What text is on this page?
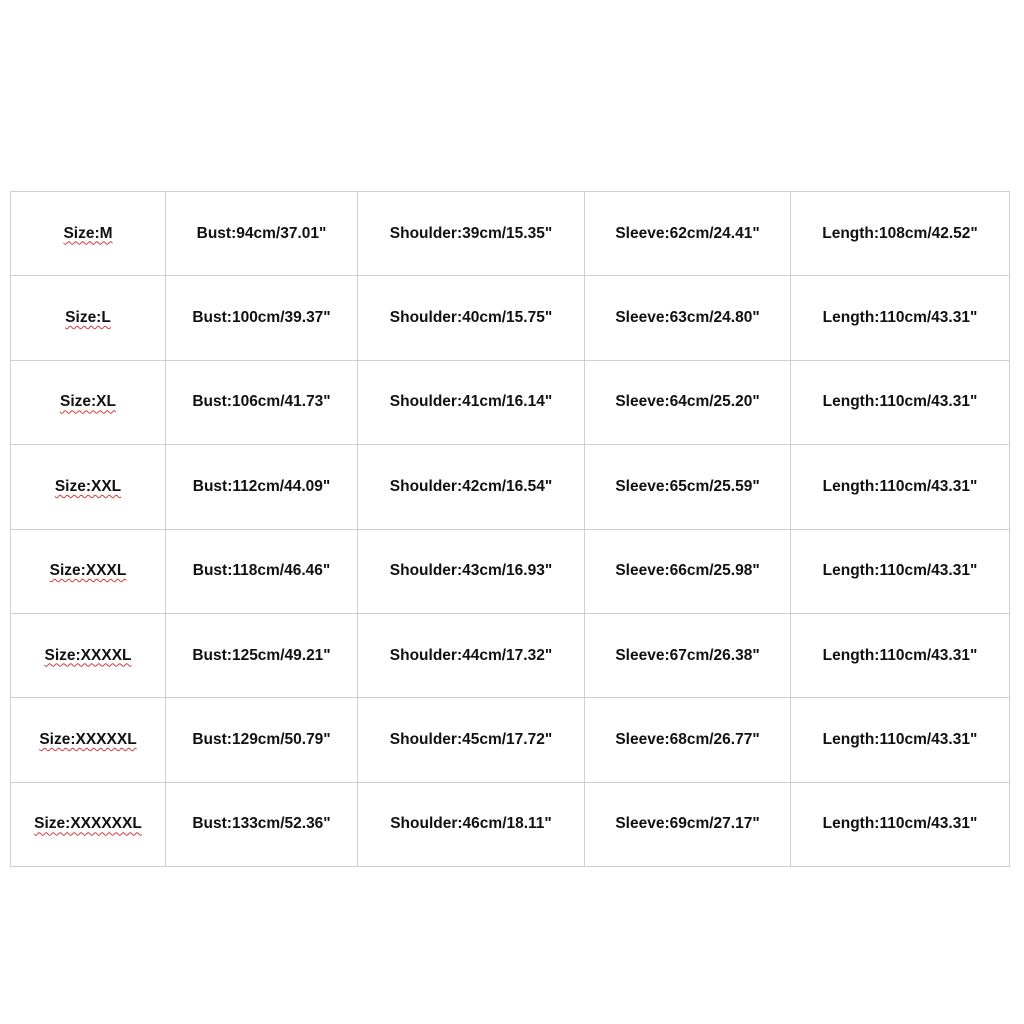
Size:M	Bust:94cm/37.01"	Shoulder:39cm/15.35"	Sleeve:62cm/24.41"	Length:108cm/42.52"
Size:L	Bust:100cm/39.37"	Shoulder:40cm/15.75"	Sleeve:63cm/24.80"	Length:110cm/43.31"
Size:XL	Bust:106cm/41.73"	Shoulder:41cm/16.14"	Sleeve:64cm/25.20"	Length:110cm/43.31"
Size:XXL	Bust:112cm/44.09"	Shoulder:42cm/16.54"	Sleeve:65cm/25.59"	Length:110cm/43.31"
Size:XXXL	Bust:118cm/46.46"	Shoulder:43cm/16.93"	Sleeve:66cm/25.98"	Length:110cm/43.31"
Size:XXXXL	Bust:125cm/49.21"	Shoulder:44cm/17.32"	Sleeve:67cm/26.38"	Length:110cm/43.31"
Size:XXXXXL	Bust:129cm/50.79"	Shoulder:45cm/17.72"	Sleeve:68cm/26.77"	Length:110cm/43.31"
Size:XXXXXXL	Bust:133cm/52.36"	Shoulder:46cm/18.11"	Sleeve:69cm/27.17"	Length:110cm/43.31"
